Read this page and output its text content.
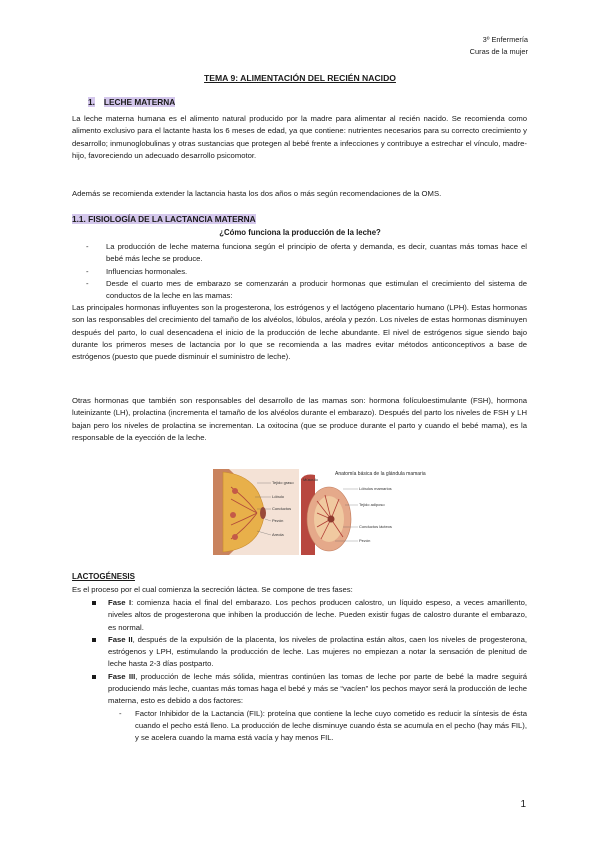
3º Enfermería
Curas de la mujer
TEMA 9: ALIMENTACIÓN DEL RECIÉN NACIDO
1. LECHE MATERNA
La leche materna humana es el alimento natural producido por la madre para alimentar al recién nacido. Se recomienda como alimento exclusivo para el lactante hasta los 6 meses de edad, ya que contiene: nutrientes necesarios para su correcto crecimiento y desarrollo; inmunoglobulinas y otras sustancias que protegen al bebé frente a infecciones y contribuye a estrechar el vínculo, madre-hijo, favoreciendo un adecuado desarrollo psicomotor.
Además se recomienda extender la lactancia hasta los dos años o más según recomendaciones de la OMS.
1.1. FISIOLOGÍA DE LA LACTANCIA MATERNA
¿Cómo funciona la producción de la leche?
- La producción de leche materna funciona según el principio de oferta y demanda, es decir, cuantas más tomas hace el bebé más leche se produce.
- Influencias hormonales.
- Desde el cuarto mes de embarazo se comenzarán a producir hormonas que estimulan el crecimiento del sistema de conductos de la leche en las mamas:
Las principales hormonas influyentes son la progesterona, los estrógenos y el lactógeno placentario humano (LPH). Estas hormonas son las responsables del crecimiento del tamaño de los alvéolos, lóbulos, aréola y pezón. Los niveles de estas hormonas disminuyen después del parto, lo cual desencadena el inicio de la producción de leche abundante. El nivel de estrógenos sigue siendo bajo durante los primeros meses de lactancia por lo que se recomienda a las madres evitar métodos anticonceptivos a base de estrógenos (puesto que puede disminuir el suministro de leche).
Otras hormonas que también son responsables del desarrollo de las mamas son: hormona folículoestimulante (FSH), hormona luteinizante (LH), prolactina (incrementa el tamaño de los alvéolos durante el embarazo). Después del parto los niveles de FSH y LH bajan pero los niveles de prolactina se incrementan. La oxitocina (que se produce durante el parto y cuando el bebé mama), es la responsable de la eyección de la leche.
Tejido graso
Lóbulo
Conductos
Pezón
Areola
Anatomía básica de la glándula mamaria
Músculo
Lóbulos mamarios
Tejido adiposo
Conductos lácteos
Pezón
LACTOGÉNESIS
Es el proceso por el cual comienza la secreción láctea. Se compone de tres fases:
Fase I: comienza hacia el final del embarazo. Los pechos producen calostro, un líquido espeso, a veces amarillento, niveles altos de progesterona que inhiben la producción de leche. Pueden existir fugas de calostro durante el embarazo, es normal.
Fase II, después de la expulsión de la placenta, los niveles de prolactina están altos, caen los niveles de progesterona, estrógenos y LPH, estimulando la producción de leche. Las mujeres no empiezan a notar la sensación de plenitud de leche hasta 2-3 días postparto.
Fase III, producción de leche más sólida, mientras continúen las tomas de leche por parte de bebé la madre seguirá produciendo más leche, cuantas más tomas haga el bebé y más se “vacíen” los pechos mayor será la producción de leche materna, esto es debido a dos factores:
- Factor Inhibidor de la Lactancia (FIL): proteína que contiene la leche cuyo cometido es reducir la síntesis de ésta cuando el pecho está lleno. La producción de leche disminuye cuando ésta se acumula en el pecho (hay más FIL), y se acelera cuando la mama está vacía y hay menos FIL.
1
